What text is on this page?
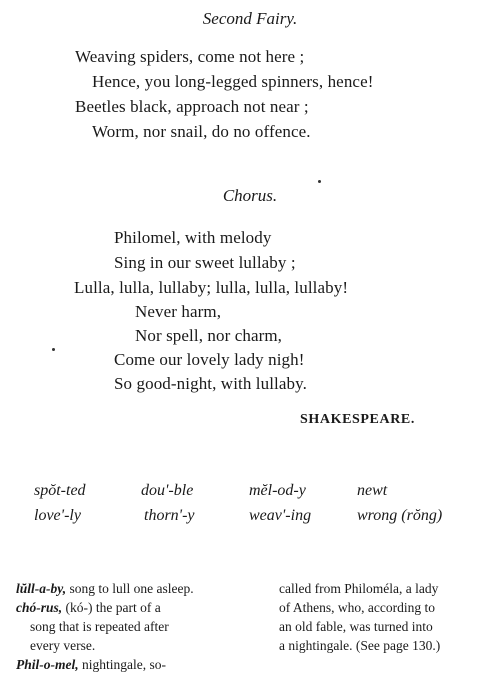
Second Fairy.
Weaving spiders, come not here ;
Hence, you long-legged spinners, hence!
Beetles black, approach not near ;
Worm, nor snail, do no offence.
Chorus.
Philomel, with melody
Sing in our sweet lullaby ;
Lulla, lulla, lullaby; lulla, lulla, lullaby!
Never harm,
Nor spell, nor charm,
Come our lovely lady nigh!
So good-night, with lullaby.
SHAKESPEARE.
spŏt-ted	dou'-ble	mĕl-od-y	newt
love'-ly	thorn'-y	weav'-ing	wrong (rŏng)
lŭll-a-by, song to lull one asleep.
chó-rus, (kó-) the part of a
song that is repeated after
every verse.
Phil-o-mel, nightingale, so-
called from Philoméla, a lady
of Athens, who, according to
an old fable, was turned into
a nightingale. (See page 130.)
